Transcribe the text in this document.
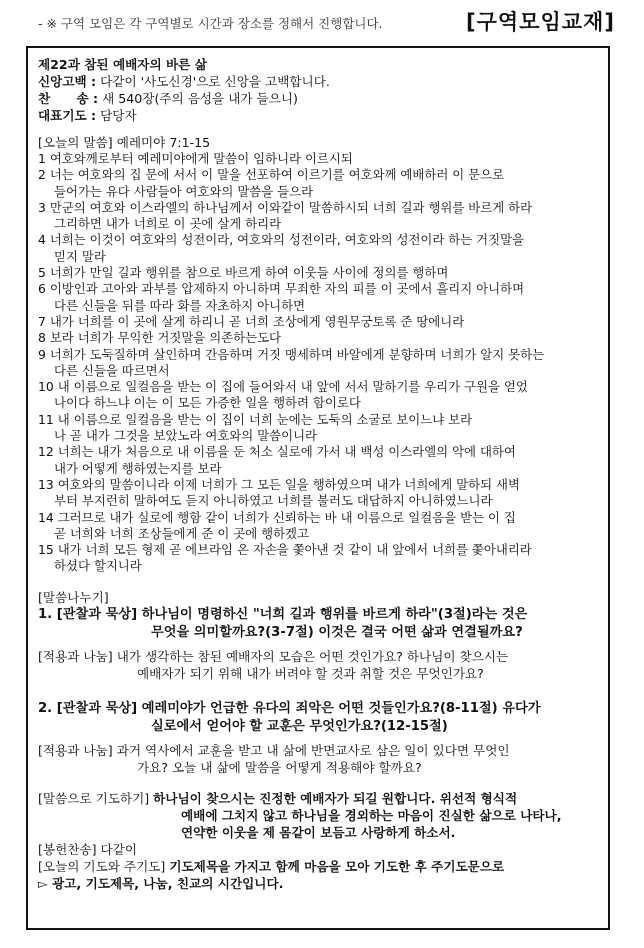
- ※ 구역 모임은 각 구역별로 시간과 장소를 정해서 진행합니다.	[구역모임교재]
제22과 참된 예배자의 바른 삶
신앙고백 : 다같이 '사도신경'으로 신앙을 고백합니다.
찬      송 : 새 540장(주의 음성을 내가 들으니)
대표기도 : 담당자
[오늘의 말씀] 예레미야 7:1-15
1 여호와께로부터 예레미야에게 말씀이 임하니라 이르시되
2 너는 여호와의 집 문에 서서 이 말을 선포하여 이르기를 여호와께 예배하러 이 문으로
들어가는 유다 사람들아 여호와의 말씀을 들으라
3 만군의 여호와 이스라엘의 하나님께서 이와같이 말씀하시되 너희 길과 행위를 바르게 하라
그리하면 내가 너희로 이 곳에 살게 하리라
4 너희는 이것이 여호와의 성전이라, 여호와의 성전이라, 여호와의 성전이라 하는 거짓말을
믿지 말라
5 너희가 만일 길과 행위를 참으로 바르게 하여 이웃들 사이에 정의를 행하며
6 이방인과 고아와 과부를 압제하지 아니하며 무죄한 자의 피를 이 곳에서 흘리지 아니하며
다른 신들을 뒤를 따라 화를 자초하지 아니하면
7 내가 너희를 이 곳에 살게 하리니 곧 너희 조상에게 영원무궁토록 준 땅에니라
8 보라 너희가 무익한 거짓말을 의존하는도다
9 너희가 도둑질하며 살인하며 간음하며 거짓 맹세하며 바알에게 분향하며 너희가 알지 못하는
다른 신들을 따르면서
10 내 이름으로 일컬음을 받는 이 집에 들어와서 내 앞에 서서 말하기를 우리가 구원을 얻었
나이다 하느냐 이는 이 모든 가증한 일을 행하려 함이로다
11 내 이름으로 일컬음을 받는 이 집이 너희 눈에는 도둑의 소굴로 보이느냐 보라
나 곧 내가 그것을 보았노라 여호와의 말씀이니라
12 너희는 내가 처음으로 내 이름을 둔 처소 실로에 가서 내 백성 이스라엘의 악에 대하여
내가 어떻게 행하였는지를 보라
13 여호와의 말씀이니라 이제 너희가 그 모든 일을 행하였으며 내가 너희에게 말하되 새벽
부터 부지런히 말하여도 듣지 아니하였고 너희를 불러도 대답하지 아니하였느니라
14 그러므로 내가 실로에 행함 같이 너희가 신뢰하는 바 내 이름으로 일컬음을 받는 이 집
곧 너희와 너희 조상들에게 준 이 곳에 행하겠고
15 내가 너희 모든 형제 곧 에브라임 온 자손을 쫓아낸 것 같이 내 앞에서 너희를 쫓아내리라
하셨다 할지니라
[말씀나누기]
1. [관찰과 묵상] 하나님이 명령하신 "너희 길과 행위를 바르게 하라"(3절)라는 것은
무엇을 의미할까요?(3-7절) 이것은 결국 어떤 삶과 연결될까요?
[적용과 나눔] 내가 생각하는 참된 예배자의 모습은 어떤 것인가요? 하나님이 찾으시는
예배자가 되기 위해 내가 버려야 할 것과 취할 것은 무엇인가요?
2. [관찰과 묵상] 예레미야가 언급한 유다의 죄악은 어떤 것들인가요?(8-11절) 유다가
실로에서 얻어야 할 교훈은 무엇인가요?(12-15절)
[적용과 나눔] 과거 역사에서 교훈을 받고 내 삶에 반면교사로 삼은 일이 있다면 무엇인
가요? 오늘 내 삶에 말씀을 어떻게 적용해야 할까요?
[말씀으로 기도하기] 하나님이 찾으시는 진정한 예배자가 되길 원합니다. 위선적 형식적
예배에 그치지 않고 하나님을 경외하는 마음이 진실한 삶으로 나타나,
연약한 이웃을 제 몸같이 보듬고 사랑하게 하소서.
[봉헌찬송] 다같이
[오늘의 기도와 주기도] 기도제목을 가지고 함께 마음을 모아 기도한 후 주기도문으로
▻ 광고, 기도제목, 나눔, 친교의 시간입니다.
